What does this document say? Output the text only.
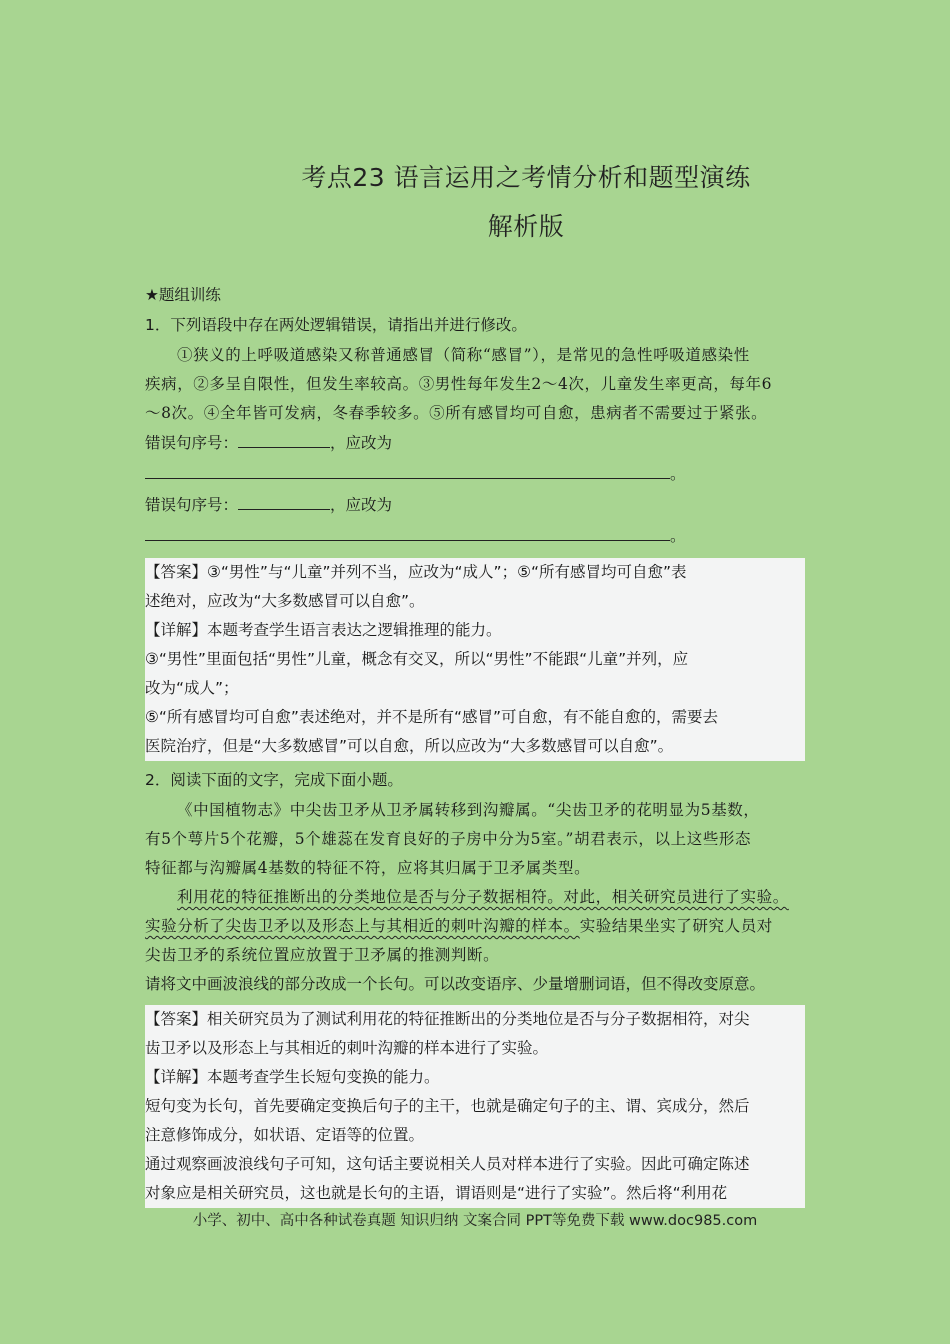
考点23 语言运用之考情分析和题型演练
解析版
★题组训练
1．下列语段中存在两处逻辑错误，请指出并进行修改。
①狭义的上呼吸道感染又称普通感冒（简称“感冒”），是常见的急性呼吸道感染性
疾病，②多呈自限性，但发生率较高。③男性每年发生2～4次，儿童发生率更高，每年6
～8次。④全年皆可发病，冬春季较多。⑤所有感冒均可自愈，患病者不需要过于紧张。
错误句序号：	，应改为
。
错误句序号：	，应改为
。
【答案】③“男性”与“儿童”并列不当，应改为“成人”；⑤“所有感冒均可自愈”表
述绝对，应改为“大多数感冒可以自愈”。
【详解】本题考查学生语言表达之逻辑推理的能力。
③“男性”里面包括“男性”儿童，概念有交叉，所以“男性”不能跟“儿童”并列，应
改为“成人”；
⑤“所有感冒均可自愈”表述绝对，并不是所有“感冒”可自愈，有不能自愈的，需要去
医院治疗，但是“大多数感冒”可以自愈，所以应改为“大多数感冒可以自愈”。
2．阅读下面的文字，完成下面小题。
《中国植物志》中尖齿卫矛从卫矛属转移到沟瓣属。“尖齿卫矛的花明显为5基数，
有5个萼片5个花瓣，5个雄蕊在发育良好的子房中分为5室。”胡君表示，以上这些形态
特征都与沟瓣属4基数的特征不符，应将其归属于卫矛属类型。
利用花的特征推断出的分类地位是否与分子数据相符。对此，相关研究员进行了实验。
实验分析了尖齿卫矛以及形态上与其相近的刺叶沟瓣的样本。实验结果坐实了研究人员对
尖齿卫矛的系统位置应放置于卫矛属的推测判断。
请将文中画波浪线的部分改成一个长句。可以改变语序、少量增删词语，但不得改变原意。
【答案】相关研究员为了测试利用花的特征推断出的分类地位是否与分子数据相符，对尖
齿卫矛以及形态上与其相近的刺叶沟瓣的样本进行了实验。
【详解】本题考查学生长短句变换的能力。
短句变为长句，首先要确定变换后句子的主干，也就是确定句子的主、谓、宾成分，然后
注意修饰成分，如状语、定语等的位置。
通过观察画波浪线句子可知，这句话主要说相关人员对样本进行了实验。因此可确定陈述
对象应是相关研究员，这也就是长句的主语，谓语则是“进行了实验”。然后将“利用花
小学、初中、高中各种试卷真题 知识归纳 文案合同 PPT等免费下载 www.doc985.com
